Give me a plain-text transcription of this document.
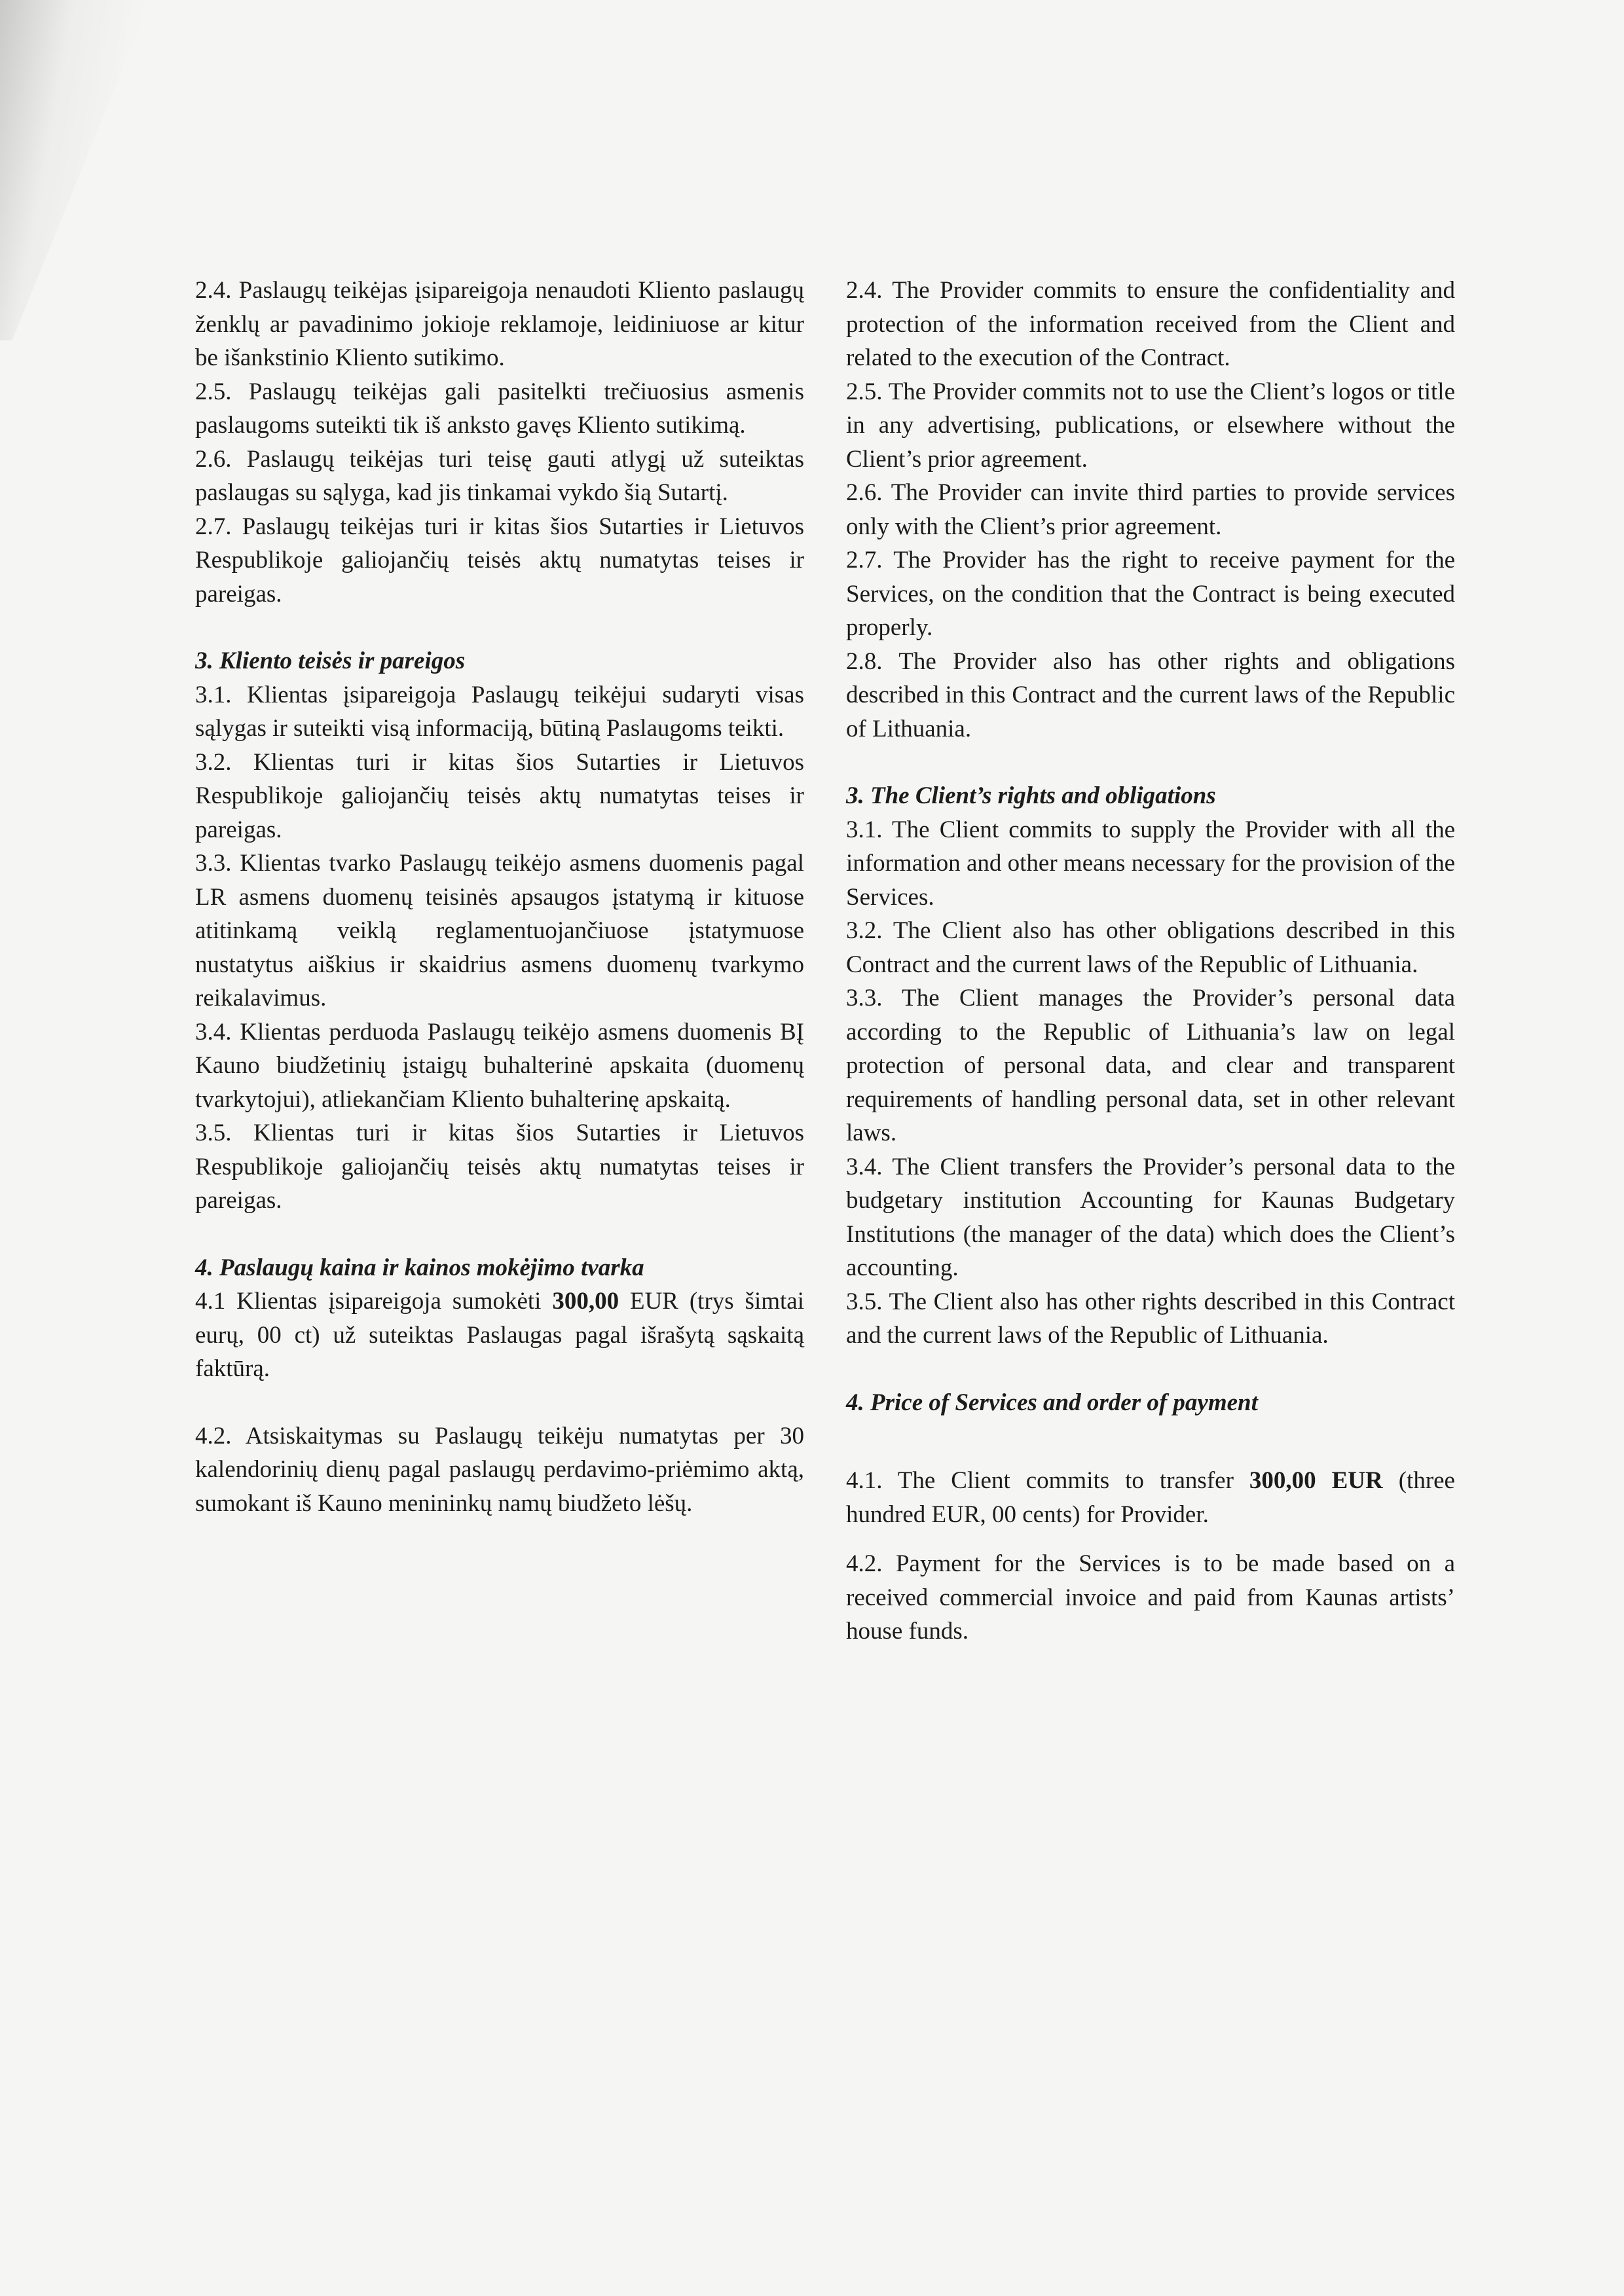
2.4. Paslaugų teikėjas įsipareigoja nenaudoti Kliento paslaugų ženklų ar pavadinimo jokioje reklamoje, leidiniuose ar kitur be išankstinio Kliento sutikimo.

2.5. Paslaugų teikėjas gali pasitelkti trečiuosius asmenis paslaugoms suteikti tik iš anksto gavęs Kliento sutikimą.

2.6. Paslaugų teikėjas turi teisę gauti atlygį už suteiktas paslaugas su sąlyga, kad jis tinkamai vykdo šią Sutartį.

2.7. Paslaugų teikėjas turi ir kitas šios Sutarties ir Lietuvos Respublikoje galiojančių teisės aktų numatytas teises ir pareigas.

3. Kliento teisės ir pareigos

3.1. Klientas įsipareigoja Paslaugų teikėjui sudaryti visas sąlygas ir suteikti visą informaciją, būtiną Paslaugoms teikti.

3.2. Klientas turi ir kitas šios Sutarties ir Lietuvos Respublikoje galiojančių teisės aktų numatytas teises ir pareigas.

3.3. Klientas tvarko Paslaugų teikėjo asmens duomenis pagal LR asmens duomenų teisinės apsaugos įstatymą ir kituose atitinkamą veiklą reglamentuojančiuose įstatymuose nustatytus aiškius ir skaidrius asmens duomenų tvarkymo reikalavimus.

3.4. Klientas perduoda Paslaugų teikėjo asmens duomenis BĮ Kauno biudžetinių įstaigų buhalterinė apskaita (duomenų tvarkytojui), atliekančiam Kliento buhalterinę apskaitą.

3.5. Klientas turi ir kitas šios Sutarties ir Lietuvos Respublikoje galiojančių teisės aktų numatytas teises ir pareigas.

4. Paslaugų kaina ir kainos mokėjimo tvarka

4.1 Klientas įsipareigoja sumokėti 300,00 EUR (trys šimtai eurų, 00 ct) už suteiktas Paslaugas pagal išrašytą sąskaitą faktūrą.

4.2. Atsiskaitymas su Paslaugų teikėju numatytas per 30 kalendorinių dienų pagal paslaugų perdavimo-priėmimo aktą, sumokant iš Kauno menininkų namų biudžeto lėšų.

2.4. The Provider commits to ensure the confidentiality and protection of the information received from the Client and related to the execution of the Contract.

2.5. The Provider commits not to use the Client’s logos or title in any advertising, publications, or elsewhere without the Client’s prior agreement.

2.6. The Provider can invite third parties to provide services only with the Client’s prior agreement.

2.7. The Provider has the right to receive payment for the Services, on the condition that the Contract is being executed properly.

2.8. The Provider also has other rights and obligations described in this Contract and the current laws of the Republic of Lithuania.

3. The Client’s rights and obligations

3.1. The Client commits to supply the Provider with all the information and other means necessary for the provision of the Services.

3.2. The Client also has other obligations described in this Contract and the current laws of the Republic of Lithuania.

3.3. The Client manages the Provider’s personal data according to the Republic of Lithuania’s law on legal protection of personal data, and clear and transparent requirements of handling personal data, set in other relevant laws.

3.4. The Client transfers the Provider’s personal data to the budgetary institution Accounting for Kaunas Budgetary Institutions (the manager of the data) which does the Client’s accounting.

3.5. The Client also has other rights described in this Contract and the current laws of the Republic of Lithuania.

4. Price of Services and order of payment

4.1. The Client commits to transfer 300,00 EUR (three hundred EUR, 00 cents) for Provider.

4.2. Payment for the Services is to be made based on a received commercial invoice and paid from Kaunas artists’ house funds.
